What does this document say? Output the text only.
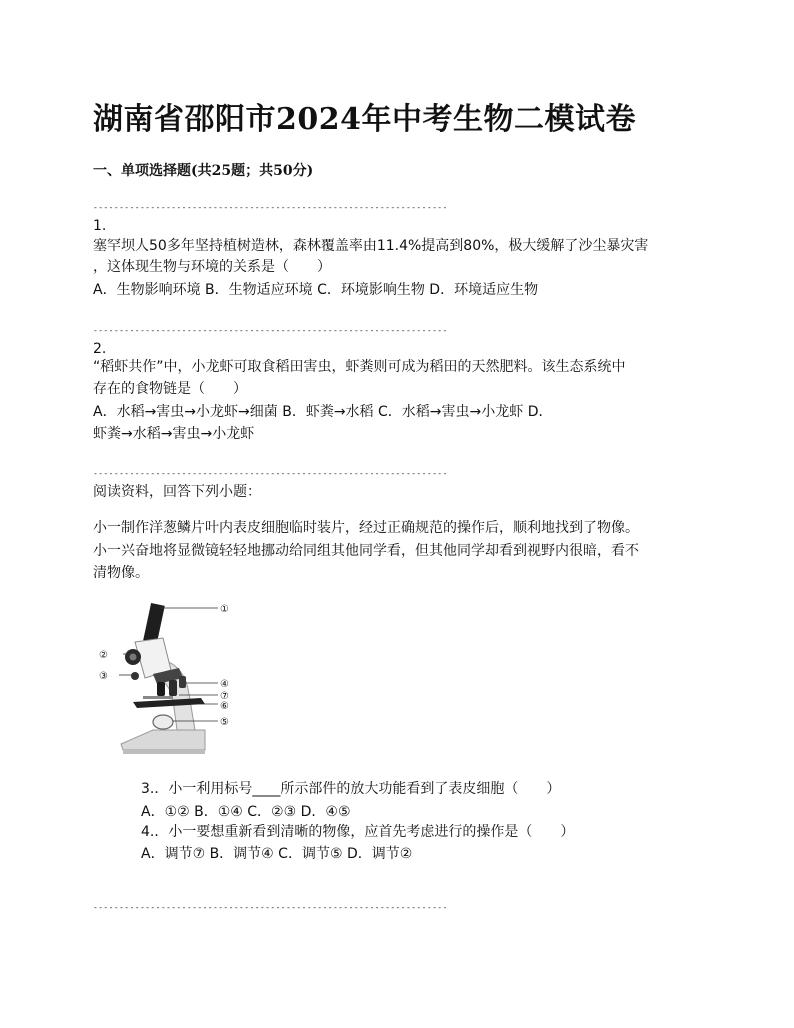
湖南省邵阳市2024年中考生物二模试卷
一、单项选择题(共25题；共50分)
--------------------------------------------------------------------
1.
塞罕坝人50多年坚持植树造林，森林覆盖率由11.4%提高到80%，极大缓解了沙尘暴灾害
，这体现生物与环境的关系是（　　）
A．生物影响环境 B．生物适应环境 C．环境影响生物 D．环境适应生物
--------------------------------------------------------------------
2.
“稻虾共作”中，小龙虾可取食稻田害虫，虾粪则可成为稻田的天然肥料。该生态系统中
存在的食物链是（　　）
A．水稻→害虫→小龙虾→细菌 B．虾粪→水稻 C．水稻→害虫→小龙虾 D．
虾粪→水稻→害虫→小龙虾
--------------------------------------------------------------------
阅读资料，回答下列小题：
小一制作洋葱鳞片叶内表皮细胞临时装片，经过正确规范的操作后，顺利地找到了物像。
小一兴奋地将显微镜轻轻地挪动给同组其他同学看，但其他同学却看到视野内很暗，看不
清物像。
①
②
③
④
⑦
⑥
⑤
3.．小一利用标号____所示部件的放大功能看到了表皮细胞（　　）
A．①② B．①④ C．②③ D．④⑤
4.．小一要想重新看到清晰的物像，应首先考虑进行的操作是（　　）
A．调节⑦ B．调节④ C．调节⑤ D．调节②
--------------------------------------------------------------------
